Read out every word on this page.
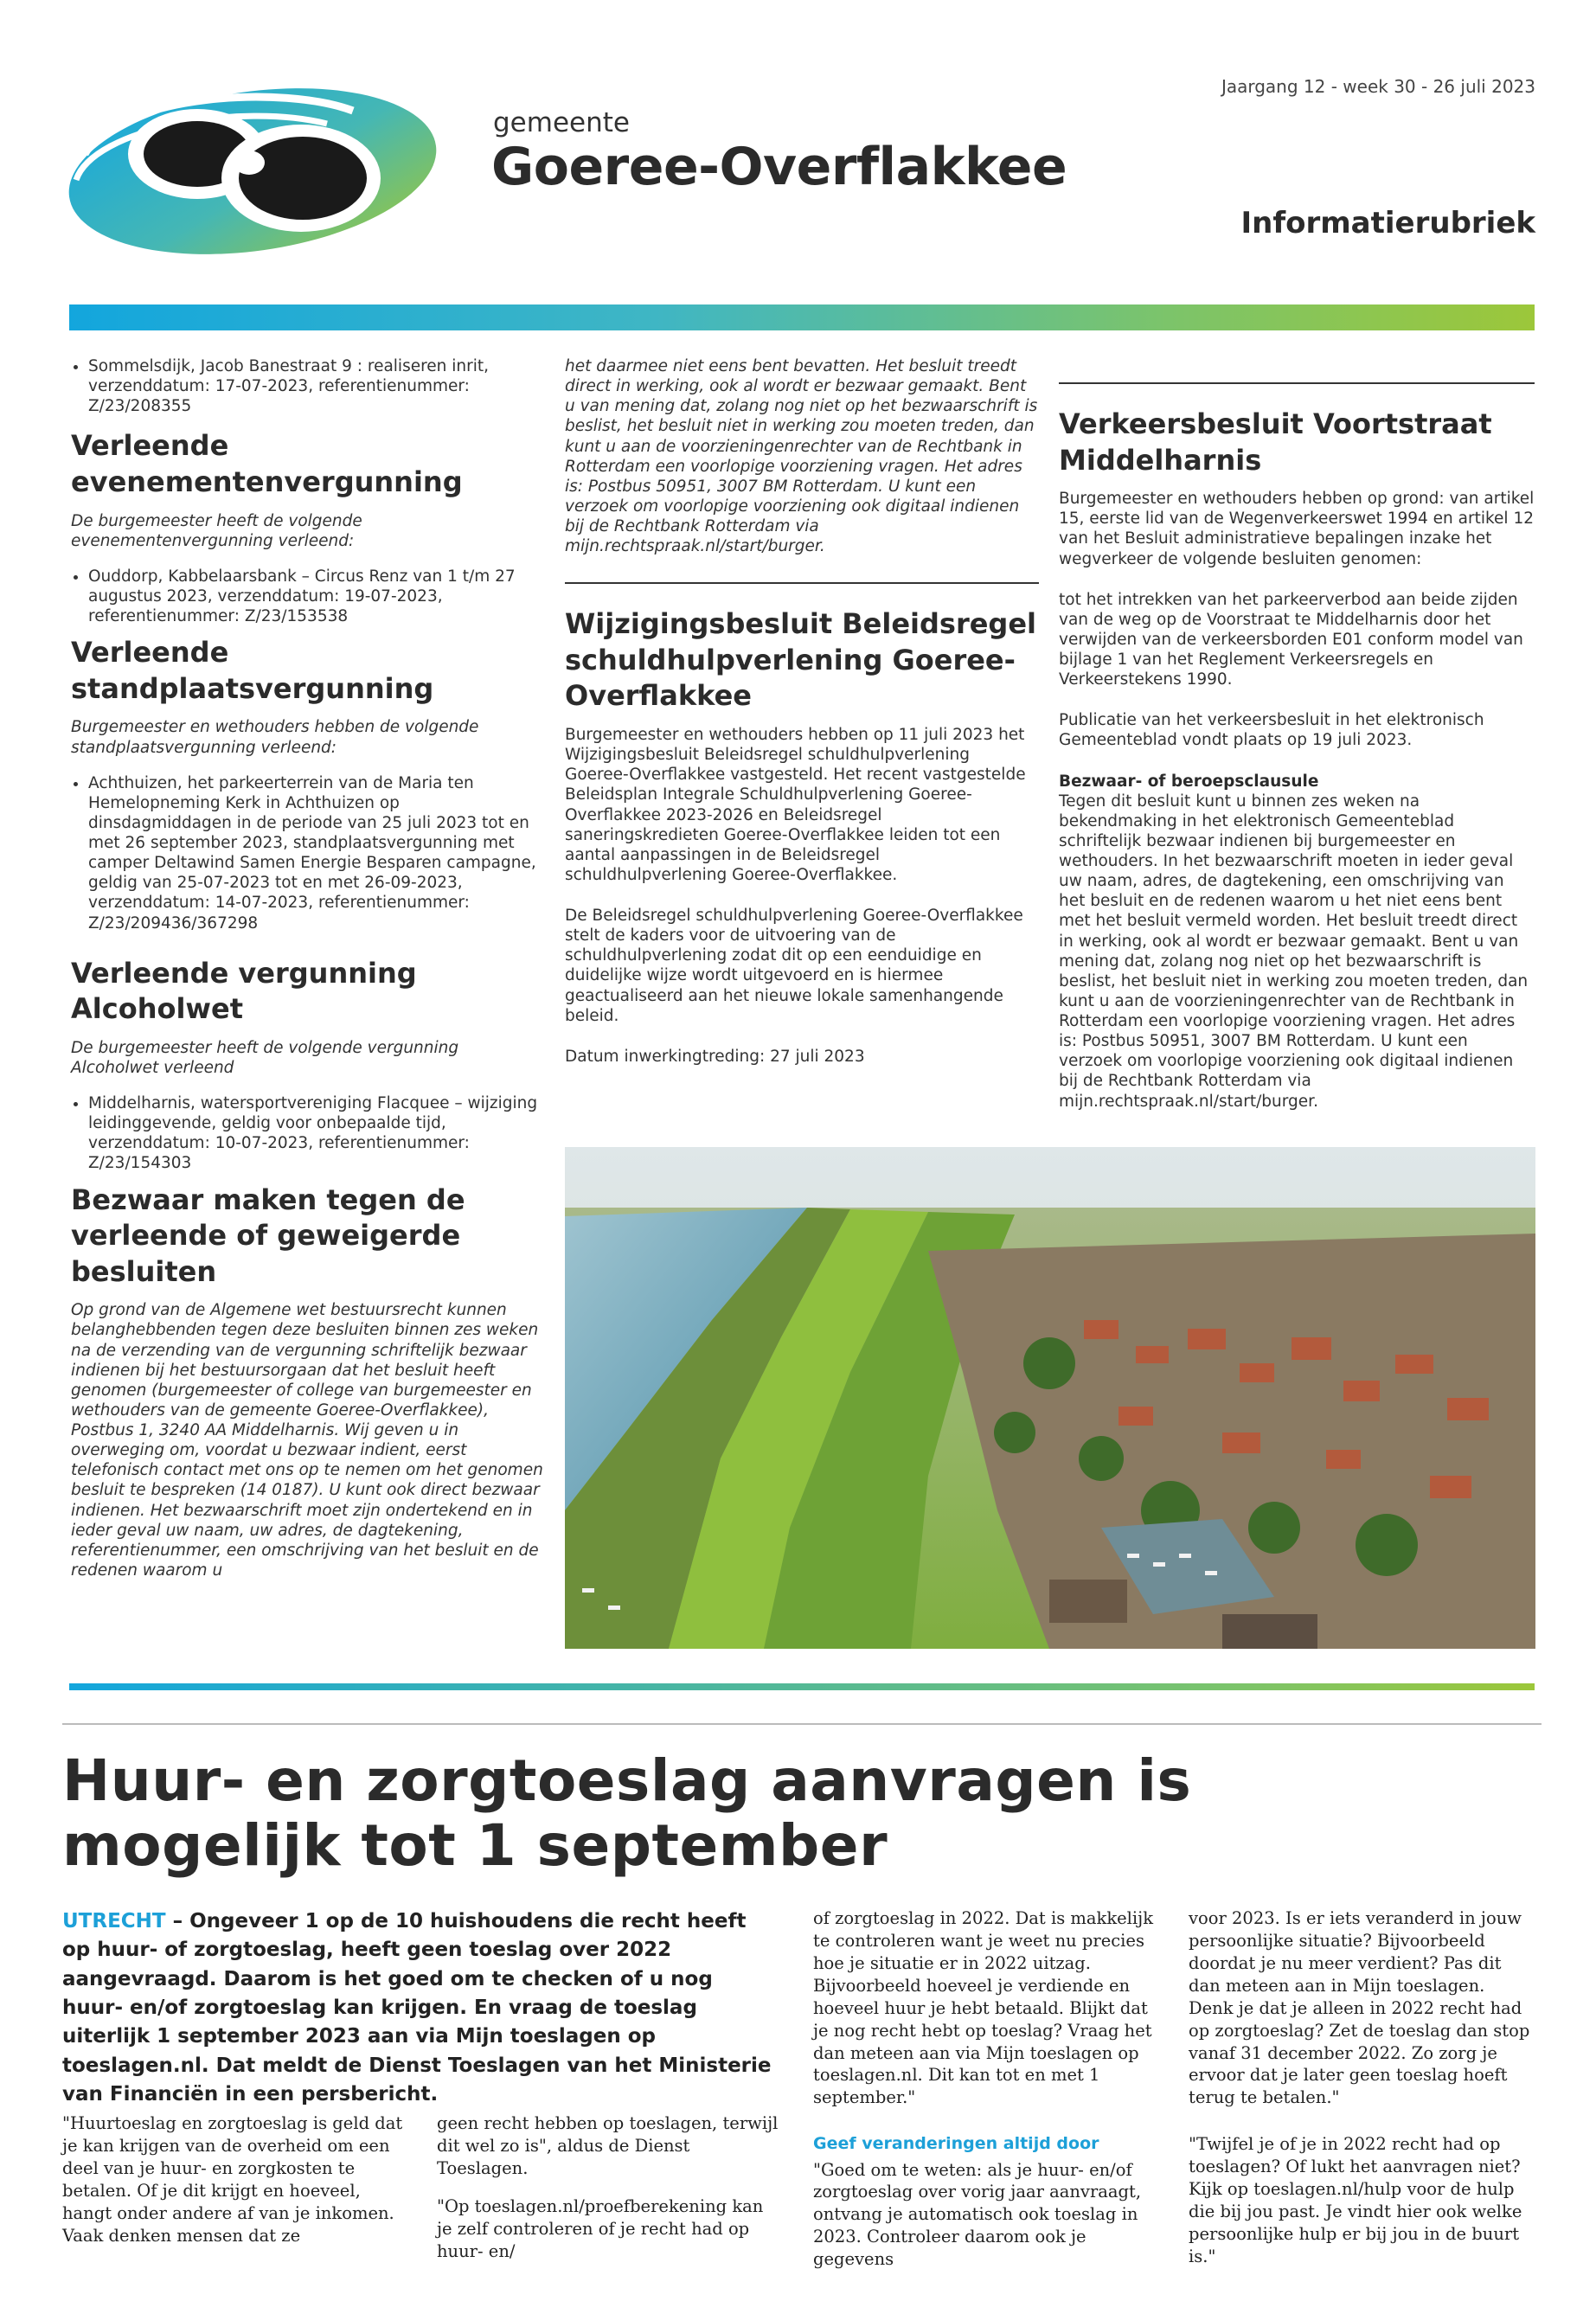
gemeente
Goeree-Overflakkee
Jaargang 12 - week 30 - 26 juli 2023
Informatierubriek
• Sommelsdijk, Jacob Banestraat 9 : realiseren inrit, verzenddatum: 17-07-2023, referentienummer: Z/23/208355
Verleende evenementenvergunning

De burgemeester heeft de volgende evenementenvergunning verleend:

• Ouddorp, Kabbelaarsbank – Circus Renz van 1 t/m 27 augustus 2023, verzenddatum: 19-07-2023, referentienummer: Z/23/153538
Verleende standplaatsvergunning

Burgemeester en wethouders hebben de volgende standplaatsvergunning verleend:

• Achthuizen, het parkeerterrein van de Maria ten Hemelopneming Kerk in Achthuizen op dinsdagmiddagen in de periode van 25 juli 2023 tot en met 26 september 2023, standplaatsvergunning met camper Deltawind Samen Energie Besparen campagne, geldig van 25-07-2023 tot en met 26-09-2023, verzenddatum: 14-07-2023, referentienummer: Z/23/209436/367298
Verleende vergunning Alcoholwet

De burgemeester heeft de volgende vergunning Alcoholwet verleend

• Middelharnis, watersportvereniging Flacquee – wijziging leidinggevende, geldig voor onbepaalde tijd, verzenddatum: 10-07-2023, referentienummer: Z/23/154303
Bezwaar maken tegen de verleende of geweigerde besluiten

Op grond van de Algemene wet bestuursrecht kunnen belanghebbenden tegen deze besluiten binnen zes weken na de verzending van de vergunning schriftelijk bezwaar indienen bij het bestuursorgaan dat het besluit heeft genomen (burgemeester of college van burgemeester en wethouders van de gemeente Goeree-Overflakkee), Postbus 1, 3240 AA Middelharnis. Wij geven u in overweging om, voordat u bezwaar indient, eerst telefonisch contact met ons op te nemen om het genomen besluit te bespreken (14 0187). U kunt ook direct bezwaar indienen. Het bezwaarschrift moet zijn ondertekend en in ieder geval uw naam, uw adres, de dagtekening, referentienummer, een omschrijving van het besluit en de redenen waarom u

het daarmee niet eens bent bevatten. Het besluit treedt direct in werking, ook al wordt er bezwaar gemaakt. Bent u van mening dat, zolang nog niet op het bezwaarschrift is beslist, het besluit niet in werking zou moeten treden, dan kunt u aan de voorzieningenrechter van de Rechtbank in Rotterdam een voorlopige voorziening vragen. Het adres is: Postbus 50951, 3007 BM Rotterdam. U kunt een verzoek om voorlopige voorziening ook digitaal indienen bij de Rechtbank Rotterdam via mijn.rechtspraak.nl/start/burger.

Wijzigingsbesluit Beleidsregel schuldhulpverlening Goeree-Overflakkee

Burgemeester en wethouders hebben op 11 juli 2023 het Wijzigingsbesluit Beleidsregel schuldhulpverlening Goeree-Overflakkee vastgesteld. Het recent vastgestelde Beleidsplan Integrale Schuldhulpverlening Goeree-Overflakkee 2023-2026 en Beleidsregel saneringskredieten Goeree-Overflakkee leiden tot een aantal aanpassingen in de Beleidsregel schuldhulpverlening Goeree-Overflakkee.

De Beleidsregel schuldhulpverlening Goeree-Overflakkee stelt de kaders voor de uitvoering van de schuldhulpverlening zodat dit op een eenduidige en duidelijke wijze wordt uitgevoerd en is hiermee geactualiseerd aan het nieuwe lokale samenhangende beleid.

Datum inwerkingtreding: 27 juli 2023

Verkeersbesluit Voortstraat Middelharnis

Burgemeester en wethouders hebben op grond: van artikel 15, eerste lid van de Wegenverkeerswet 1994 en artikel 12 van het Besluit administratieve bepalingen inzake het wegverkeer de volgende besluiten genomen:

tot het intrekken van het parkeerverbod aan beide zijden van de weg op de Voorstraat te Middelharnis door het verwijden van de verkeersborden E01 conform model van bijlage 1 van het Reglement Verkeersregels en Verkeerstekens 1990.

Publicatie van het verkeersbesluit in het elektronisch Gemeenteblad vondt plaats op 19 juli 2023.

Bezwaar- of beroepsclausule

Tegen dit besluit kunt u binnen zes weken na bekendmaking in het elektronisch Gemeenteblad schriftelijk bezwaar indienen bij burgemeester en wethouders. In het bezwaarschrift moeten in ieder geval uw naam, adres, de dagtekening, een omschrijving van het besluit en de redenen waarom u het niet eens bent met het besluit vermeld worden. Het besluit treedt direct in werking, ook al wordt er bezwaar gemaakt. Bent u van mening dat, zolang nog niet op het bezwaarschrift is beslist, het besluit niet in werking zou moeten treden, dan kunt u aan de voorzieningenrechter van de Rechtbank in Rotterdam een voorlopige voorziening vragen. Het adres is: Postbus 50951, 3007 BM Rotterdam. U kunt een verzoek om voorlopige voorziening ook digitaal indienen bij de Rechtbank Rotterdam via mijn.rechtspraak.nl/start/burger.

Huur- en zorgtoeslag aanvragen is mogelijk tot 1 september
UTRECHT – Ongeveer 1 op de 10 huishoudens die recht heeft op huur- of zorgtoeslag, heeft geen toeslag over 2022 aangevraagd. Daarom is het goed om te checken of u nog huur- en/of zorgtoeslag kan krijgen. En vraag de toeslag uiterlijk 1 september 2023 aan via Mijn toeslagen op toeslagen.nl. Dat meldt de Dienst Toeslagen van het Ministerie van Financiën in een persbericht.

"Huurtoeslag en zorgtoeslag is geld dat je kan krijgen van de overheid om een deel van je huur- en zorgkosten te betalen. Of je dit krijgt en hoeveel, hangt onder andere af van je inkomen. Vaak denken mensen dat ze

geen recht hebben op toeslagen, terwijl dit wel zo is", aldus de Dienst Toeslagen.

"Op toeslagen.nl/proefberekening kan je zelf controleren of je recht had op huur- en/

of zorgtoeslag in 2022. Dat is makkelijk te controleren want je weet nu precies hoe je situatie er in 2022 uitzag. Bijvoorbeeld hoeveel je verdiende en hoeveel huur je hebt betaald. Blijkt dat je nog recht hebt op toeslag? Vraag het dan meteen aan via Mijn toeslagen op toeslagen.nl. Dit kan tot en met 1 september."

Geef veranderingen altijd door

"Goed om te weten: als je huur- en/of zorgtoeslag over vorig jaar aanvraagt, ontvang je automatisch ook toeslag in 2023. Controleer daarom ook je gegevens

voor 2023. Is er iets veranderd in jouw persoonlijke situatie? Bijvoorbeeld doordat je nu meer verdient? Pas dit dan meteen aan in Mijn toeslagen. Denk je dat je alleen in 2022 recht had op zorgtoeslag? Zet de toeslag dan stop vanaf 31 december 2022. Zo zorg je ervoor dat je later geen toeslag hoeft terug te betalen."

"Twijfel je of je in 2022 recht had op toeslagen? Of lukt het aanvragen niet? Kijk op toeslagen.nl/hulp voor de hulp die bij jou past. Je vindt hier ook welke persoonlijke hulp er bij jou in de buurt is."
